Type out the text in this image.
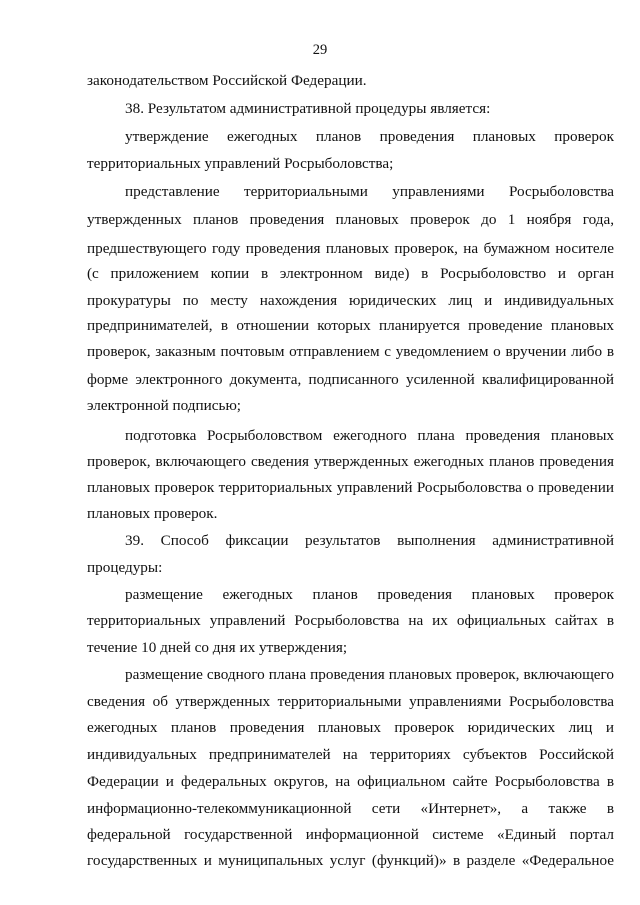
29
законодательством Российской Федерации.
38. Результатом административной процедуры является:
утверждение ежегодных планов проведения плановых проверок
территориальных управлений Росрыболовства;
представление территориальными управлениями Росрыболовства
утвержденных планов проведения плановых проверок до 1 ноября года,
предшествующего году проведения плановых проверок, на бумажном носителе
(с приложением копии в электронном виде) в Росрыболовство и орган
прокуратуры по месту нахождения юридических лиц и индивидуальных
предпринимателей, в отношении которых планируется проведение плановых
проверок, заказным почтовым отправлением с уведомлением о вручении либо в
форме электронного документа, подписанного усиленной квалифицированной
электронной подписью;
подготовка Росрыболовством ежегодного плана проведения плановых
проверок, включающего сведения утвержденных ежегодных планов проведения
плановых проверок территориальных управлений Росрыболовства о проведении
плановых проверок.
39. Способ фиксации результатов выполнения административной
процедуры:
размещение ежегодных планов проведения плановых проверок
территориальных управлений Росрыболовства на их официальных сайтах в
течение 10 дней со дня их утверждения;
размещение сводного плана проведения плановых проверок, включающего
сведения об утвержденных территориальными управлениями Росрыболовства
ежегодных планов проведения плановых проверок юридических лиц и
индивидуальных предпринимателей на территориях субъектов Российской
Федерации и федеральных округов, на официальном сайте Росрыболовства в
информационно-телекоммуникационной сети «Интернет», а также в
федеральной государственной информационной системе «Единый портал
государственных и муниципальных услуг (функций)» в разделе «Федеральное
